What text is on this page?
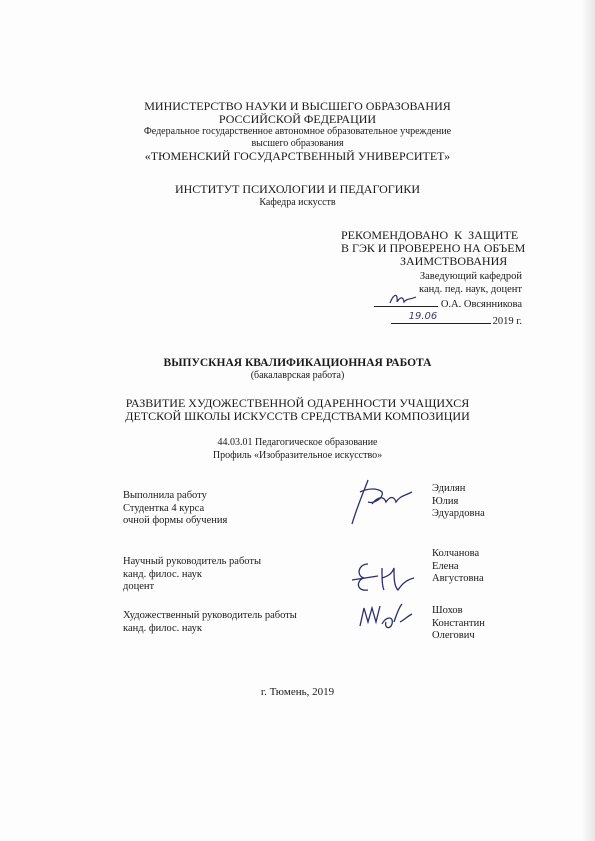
МИНИСТЕРСТВО НАУКИ И ВЫСШЕГО ОБРАЗОВАНИЯ
РОССИЙСКОЙ ФЕДЕРАЦИИ
Федеральное государственное автономное образовательное учреждение
высшего образования
«ТЮМЕНСКИЙ ГОСУДАРСТВЕННЫЙ УНИВЕРСИТЕТ»
ИНСТИТУТ ПСИХОЛОГИИ И ПЕДАГОГИКИ
Кафедра искусств
РЕКОМЕНДОВАНО К ЗАЩИТЕ
В ГЭК И ПРОВЕРЕНО НА ОБЪЕМ
ЗАИМСТВОВАНИЯ
Заведующий кафедрой
канд. пед. наук, доцент
О.А. Овсянникова
19.06	2019 г.
ВЫПУСКНАЯ КВАЛИФИКАЦИОННАЯ РАБОТА
(бакалаврская работа)
РАЗВИТИЕ ХУДОЖЕСТВЕННОЙ ОДАРЕННОСТИ УЧАЩИХСЯ
ДЕТСКОЙ ШКОЛЫ ИСКУССТВ СРЕДСТВАМИ КОМПОЗИЦИИ
44.03.01 Педагогическое образование
Профиль «Изобразительное искусство»
Выполнила работу
Студентка 4 курса
очной формы обучения
Эдилян
Юлия
Эдуардовна
Научный руководитель работы
канд. филос. наук
доцент
Колчанова
Елена
Августовна
Художественный руководитель работы
канд. филос. наук
Шохов
Константин
Олегович
г. Тюмень, 2019
